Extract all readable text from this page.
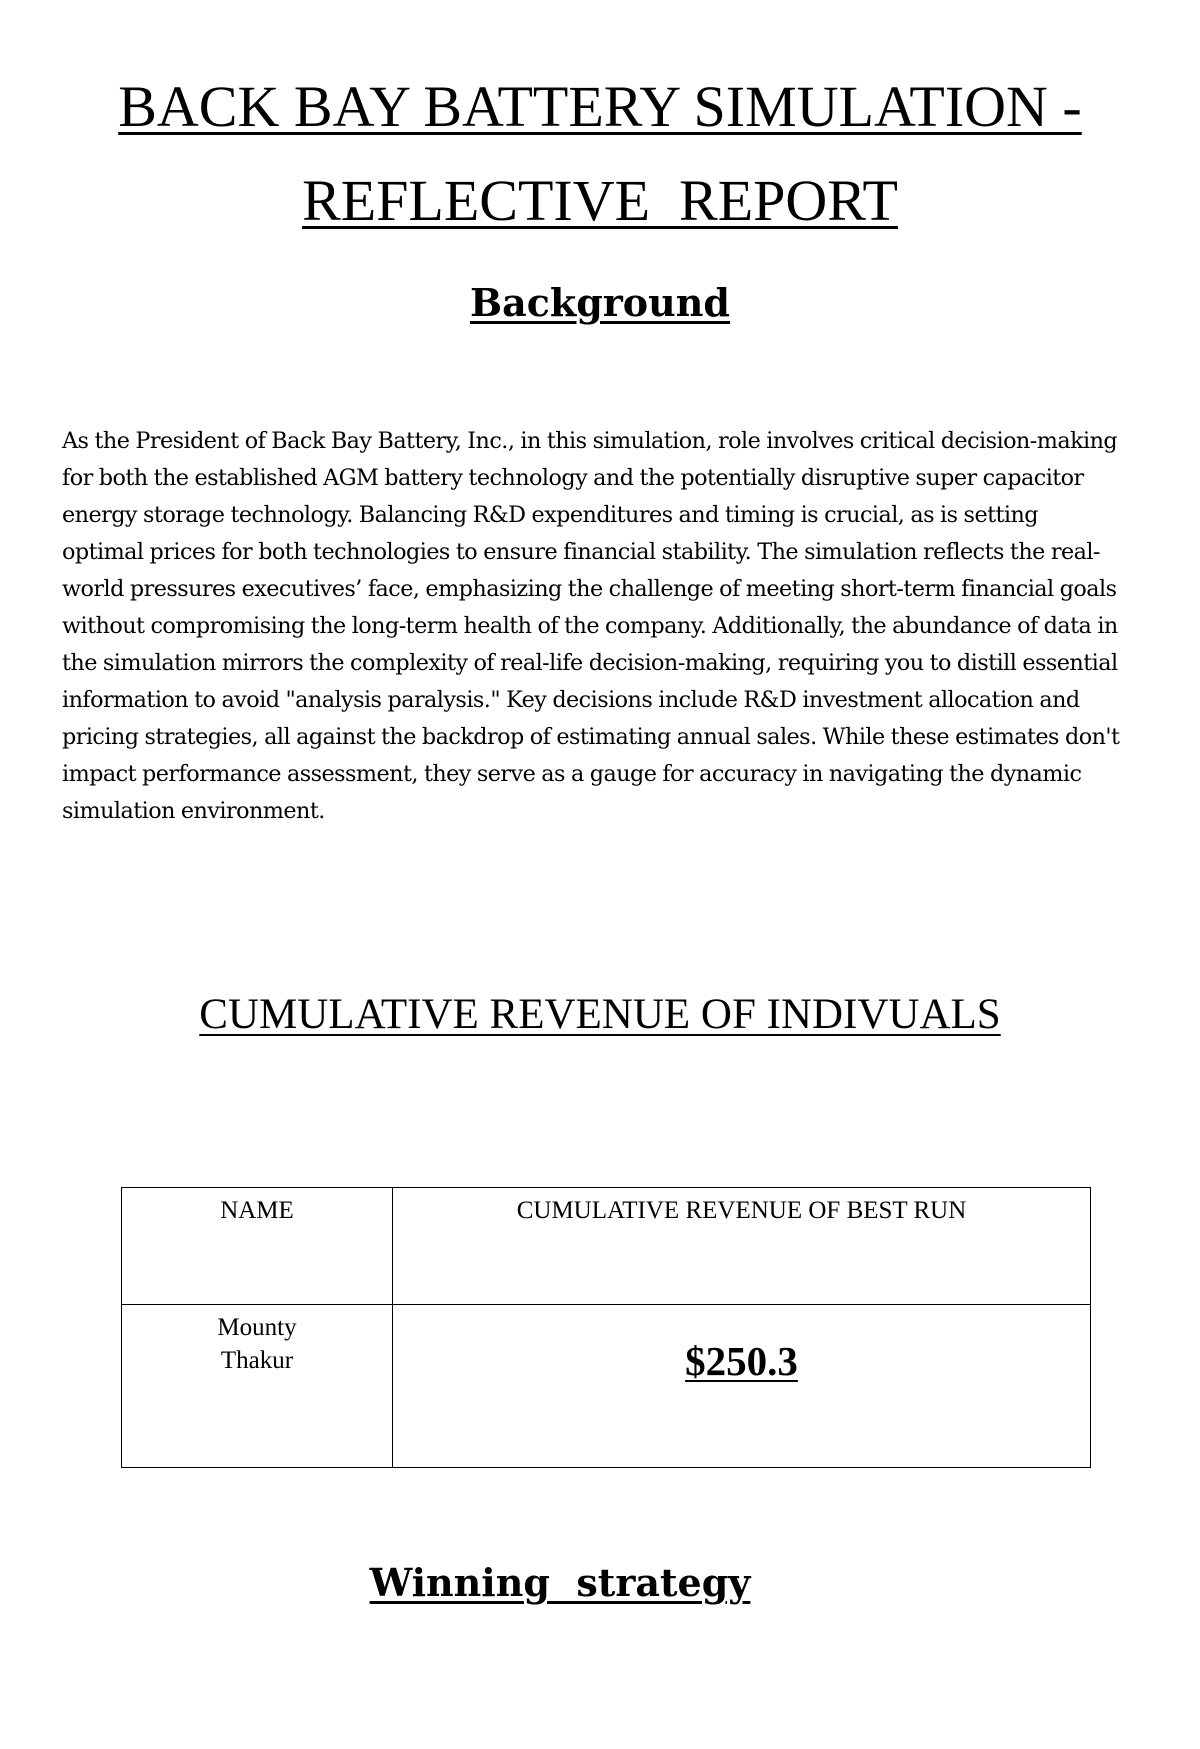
BACK BAY BATTERY SIMULATION -
REFLECTIVE  REPORT
Background

As the President of Back Bay Battery, Inc., in this simulation, role involves critical decision-making for both the established AGM battery technology and the potentially disruptive super capacitor energy storage technology. Balancing R&D expenditures and timing is crucial, as is setting optimal prices for both technologies to ensure financial stability. The simulation reflects the real-world pressures executives’ face, emphasizing the challenge of meeting short-term financial goals without compromising the long-term health of the company. Additionally, the abundance of data in the simulation mirrors the complexity of real-life decision-making, requiring you to distill essential information to avoid "analysis paralysis." Key decisions include R&D investment allocation and pricing strategies, all against the backdrop of estimating annual sales. While these estimates don't impact performance assessment, they serve as a gauge for accuracy in navigating the dynamic simulation environment.

CUMULATIVE REVENUE OF INDIVUALS
NAME	CUMULATIVE REVENUE OF BEST RUN

Mounty Thakur	$250.3
Winning  strategy
